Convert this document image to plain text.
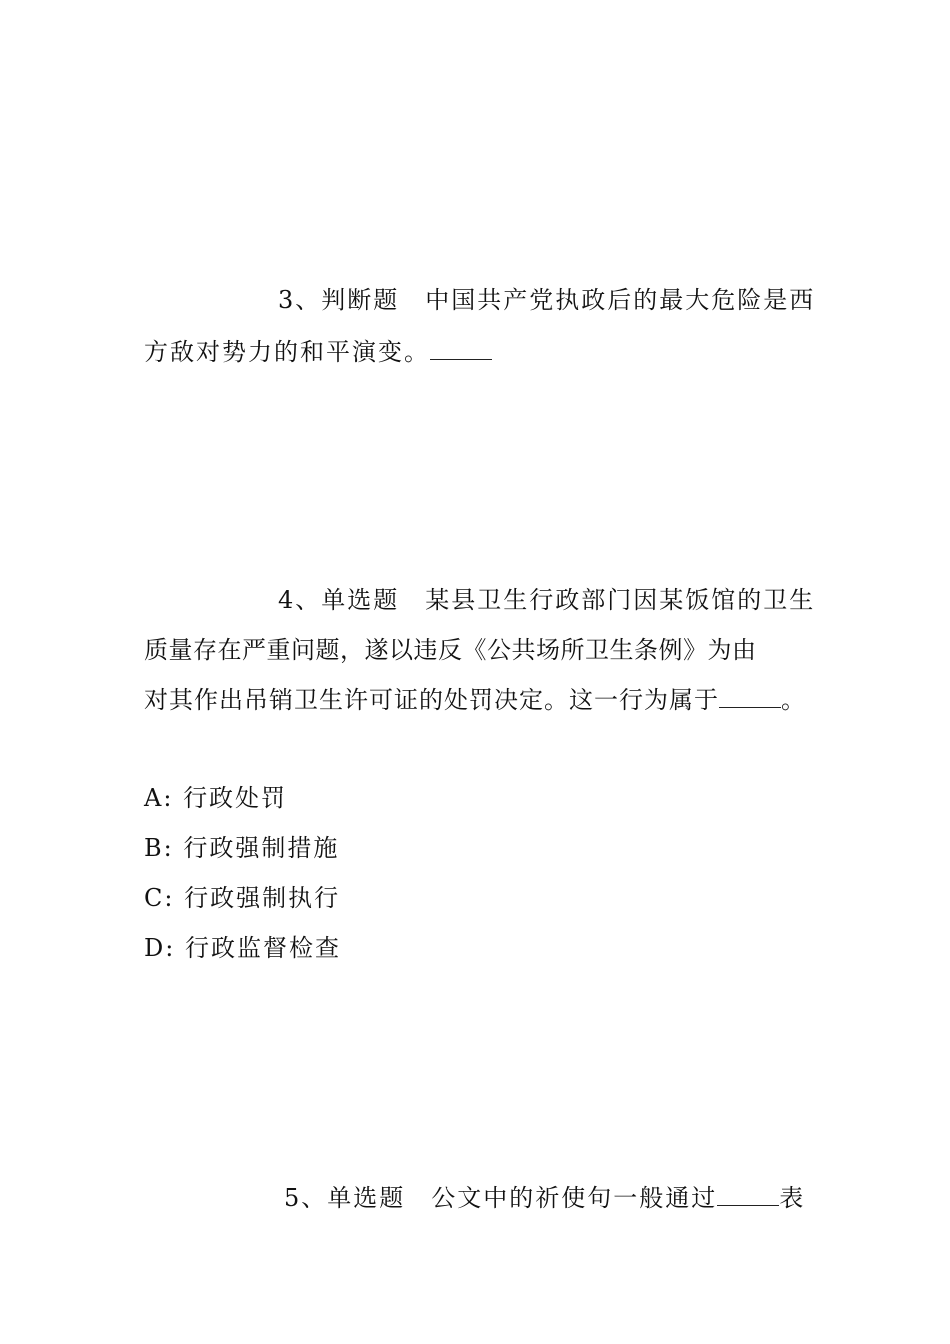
3、判断题 中国共产党执政后的最大危险是西
方敌对势力的和平演变。
4、单选题 某县卫生行政部门因某饭馆的卫生
质量存在严重问题，遂以违反《公共场所卫生条例》为由
对其作出吊销卫生许可证的处罚决定。这一行为属于	。
A: 行政处罚
B: 行政强制措施
C: 行政强制执行
D: 行政监督检查
5、单选题 公文中的祈使句一般通过	表
